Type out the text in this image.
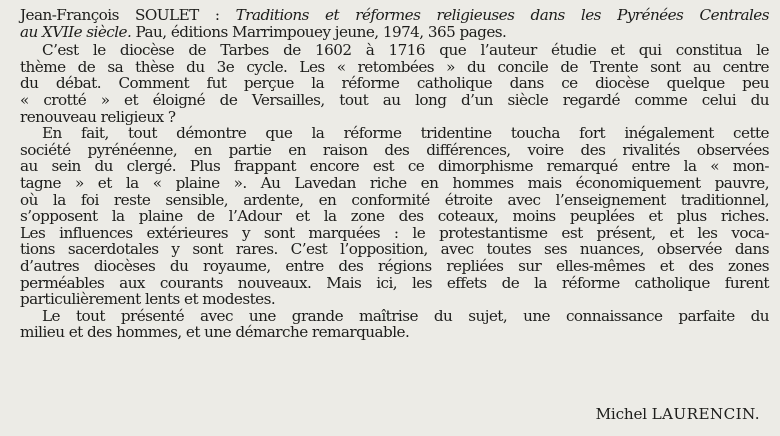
Jean-François SOULET : Traditions et réformes religieuses dans les Pyrénées Centrales
au XVIIe siècle. Pau, éditions Marrimpouey jeune, 1974, 365 pages.
C’est le diocèse de Tarbes de 1602 à 1716 que l’auteur étudie et qui constitua le
thème de sa thèse du 3e cycle. Les « retombées » du concile de Trente sont au centre
du débat. Comment fut perçue la réforme catholique dans ce diocèse quelque peu
« crotté » et éloigné de Versailles, tout au long d’un siècle regardé comme celui du
renouveau religieux ?
En fait, tout démontre que la réforme tridentine toucha fort inégalement cette
société pyrénéenne, en partie en raison des différences, voire des rivalités observées
au sein du clergé. Plus frappant encore est ce dimorphisme remarqué entre la « mon-
tagne » et la « plaine ». Au Lavedan riche en hommes mais économiquement pauvre,
où la foi reste sensible, ardente, en conformité étroite avec l’enseignement traditionnel,
s’opposent la plaine de l’Adour et la zone des coteaux, moins peuplées et plus riches.
Les influences extérieures y sont marquées : le protestantisme est présent, et les voca-
tions sacerdotales y sont rares. C’est l’opposition, avec toutes ses nuances, observée dans
d’autres diocèses du royaume, entre des régions repliées sur elles-mêmes et des zones
perméables aux courants nouveaux. Mais ici, les effets de la réforme catholique furent
particulièrement lents et modestes.
Le tout présenté avec une grande maîtrise du sujet, une connaissance parfaite du
milieu et des hommes, et une démarche remarquable.
Michel LAURENCIN.
